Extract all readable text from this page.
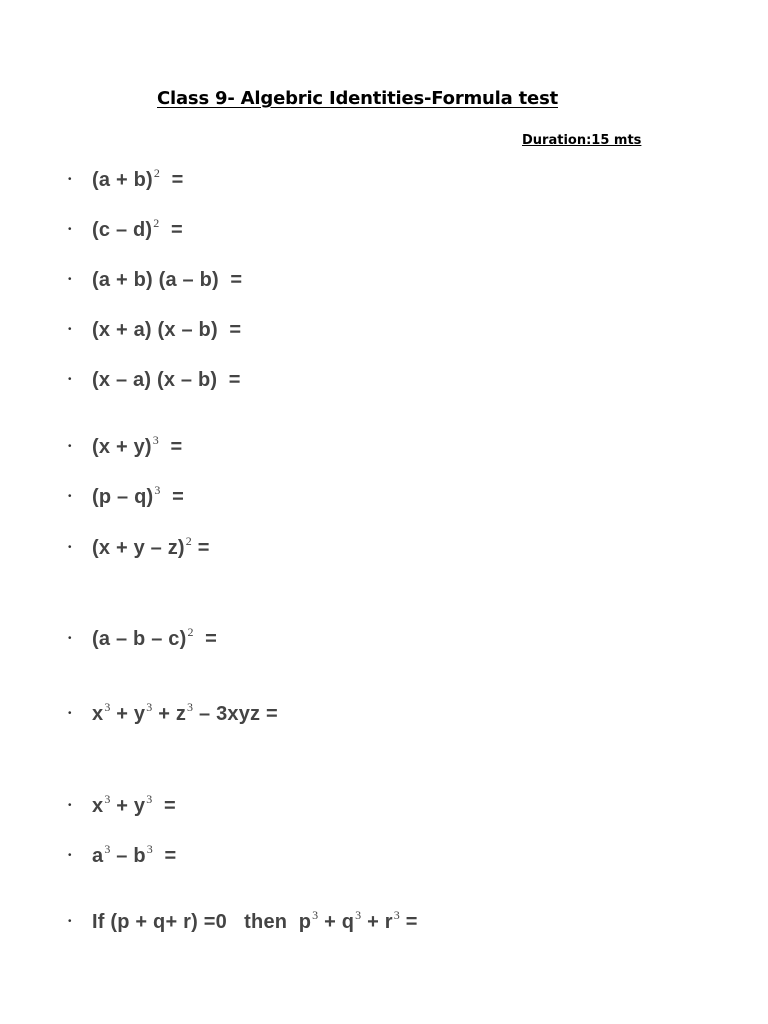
Class 9- Algebric Identities-Formula test
Duration:15 mts
•	$(a + b)^2$  =
•	(c – d)$^2$  =
•	(a + b) (a – b)  =
•	(x + a) (x – b)  =
•	(x – a) (x – b)  =
•	$(x + y)^3$  =
•	(p – q)$^3$  =
•	$(x + y - z)^2$ =
•	(a – b – c)$^2$  =
•	$x^3 + y^3 + z^3 - 3xyz$ =
•	$x^3 + y^3$  =
•	$a^3 - b^3$  =
•	If (p + q+ r) =0   then  $p^3 + q^3 + r^3$ =
